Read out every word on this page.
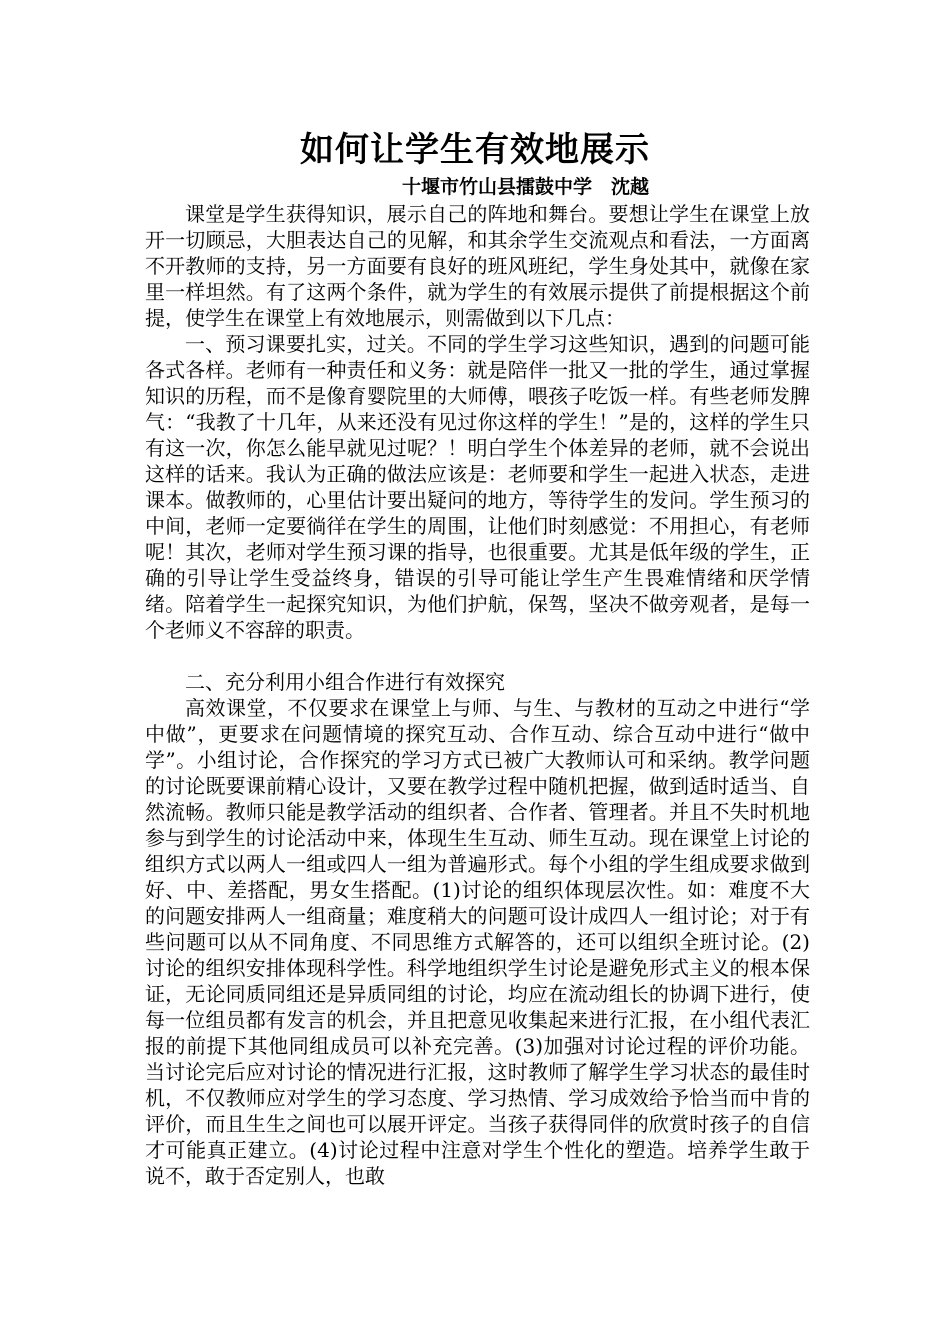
如何让学生有效地展示
十堰市竹山县擂鼓中学　沈越

课堂是学生获得知识，展示自己的阵地和舞台。要想让学生在课堂上放开一切顾忌，大胆表达自己的见解，和其余学生交流观点和看法，一方面离不开教师的支持，另一方面要有良好的班风班纪，学生身处其中，就像在家里一样坦然。有了这两个条件，就为学生的有效展示提供了前提根据这个前提，使学生在课堂上有效地展示，则需做到以下几点：

一、预习课要扎实，过关。不同的学生学习这些知识，遇到的问题可能各式各样。老师有一种责任和义务：就是陪伴一批又一批的学生，通过掌握知识的历程，而不是像育婴院里的大师傅，喂孩子吃饭一样。有些老师发脾气：“我教了十几年，从来还没有见过你这样的学生！”是的，这样的学生只有这一次，你怎么能早就见过呢？！明白学生个体差异的老师，就不会说出这样的话来。我认为正确的做法应该是：老师要和学生一起进入状态，走进课本。做教师的，心里估计要出疑问的地方，等待学生的发问。学生预习的中间，老师一定要徜徉在学生的周围，让他们时刻感觉：不用担心，有老师呢！其次，老师对学生预习课的指导，也很重要。尤其是低年级的学生，正确的引导让学生受益终身，错误的引导可能让学生产生畏难情绪和厌学情绪。陪着学生一起探究知识，为他们护航，保驾，坚决不做旁观者，是每一个老师义不容辞的职责。

二、充分利用小组合作进行有效探究

高效课堂，不仅要求在课堂上与师、与生、与教材的互动之中进行“学中做”，更要求在问题情境的探究互动、合作互动、综合互动中进行“做中学”。小组讨论，合作探究的学习方式已被广大教师认可和采纳。教学问题的讨论既要课前精心设计，又要在教学过程中随机把握，做到适时适当、自然流畅。教师只能是教学活动的组织者、合作者、管理者。并且不失时机地参与到学生的讨论活动中来，体现生生互动、师生互动。现在课堂上讨论的组织方式以两人一组或四人一组为普遍形式。每个小组的学生组成要求做到好、中、差搭配，男女生搭配。(1)讨论的组织体现层次性。如：难度不大的问题安排两人一组商量；难度稍大的问题可设计成四人一组讨论；对于有些问题可以从不同角度、不同思维方式解答的，还可以组织全班讨论。(2)讨论的组织安排体现科学性。科学地组织学生讨论是避免形式主义的根本保证，无论同质同组还是异质同组的讨论，均应在流动组长的协调下进行，使每一位组员都有发言的机会，并且把意见收集起来进行汇报，在小组代表汇报的前提下其他同组成员可以补充完善。(3)加强对讨论过程的评价功能。当讨论完后应对讨论的情况进行汇报，这时教师了解学生学习状态的最佳时机，不仅教师应对学生的学习态度、学习热情、学习成效给予恰当而中肯的评价，而且生生之间也可以展开评定。当孩子获得同伴的欣赏时孩子的自信才可能真正建立。(4)讨论过程中注意对学生个性化的塑造。培养学生敢于说不，敢于否定别人，也敢
